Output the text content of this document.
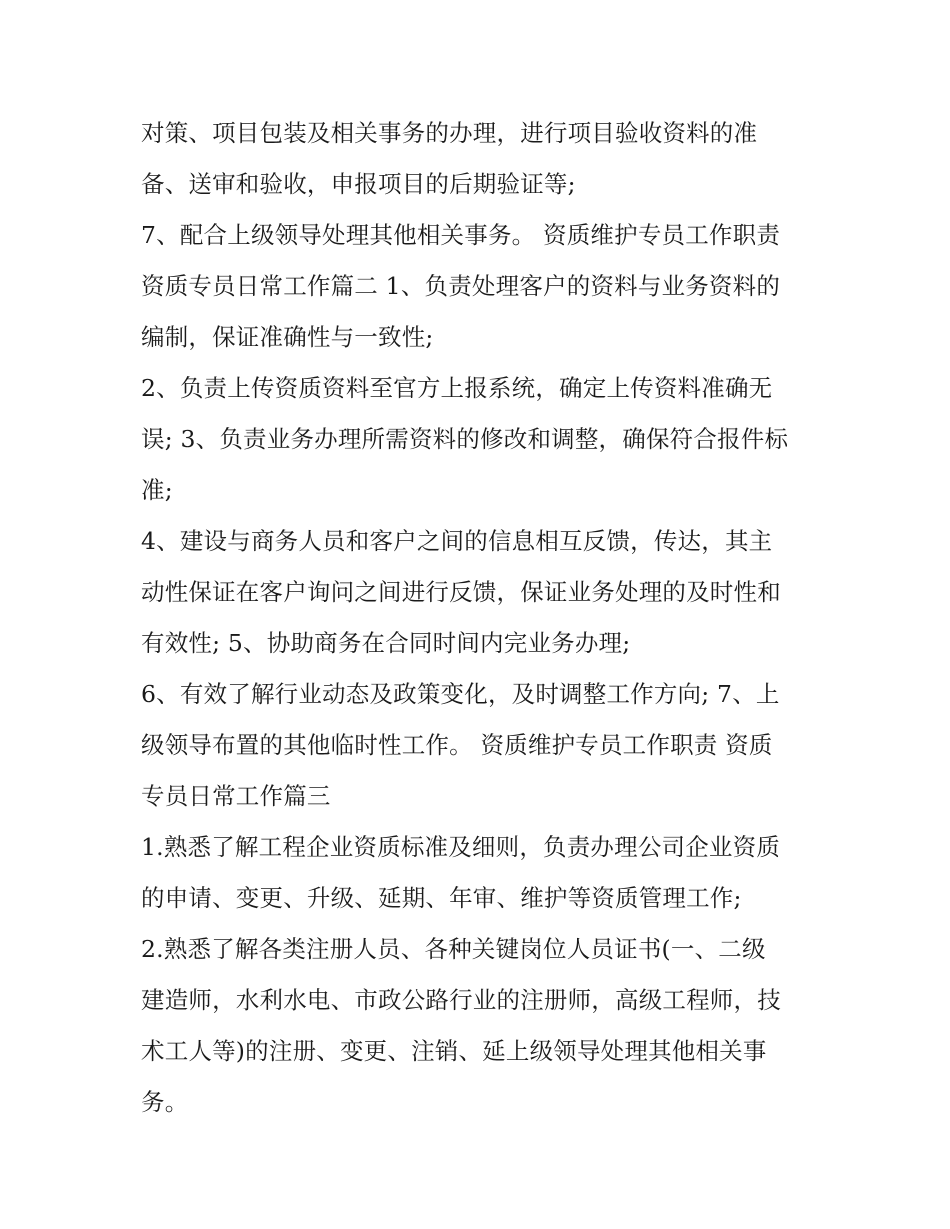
对策、项目包装及相关事务的办理，进行项目验收资料的准
备、送审和验收，申报项目的后期验证等;
7、配合上级领导处理其他相关事务。 资质维护专员工作职责
资质专员日常工作篇二 1、负责处理客户的资料与业务资料的
编制，保证准确性与一致性;
2、负责上传资质资料至官方上报系统，确定上传资料准确无
误; 3、负责业务办理所需资料的修改和调整，确保符合报件标
准;
4、建设与商务人员和客户之间的信息相互反馈，传达，其主
动性保证在客户询问之间进行反馈，保证业务处理的及时性和
有效性; 5、协助商务在合同时间内完业务办理;
6、有效了解行业动态及政策变化，及时调整工作方向; 7、上
级领导布置的其他临时性工作。 资质维护专员工作职责 资质
专员日常工作篇三
1.熟悉了解工程企业资质标准及细则，负责办理公司企业资质
的申请、变更、升级、延期、年审、维护等资质管理工作;
2.熟悉了解各类注册人员、各种关键岗位人员证书(一、二级
建造师，水利水电、市政公路行业的注册师，高级工程师，技
术工人等)的注册、变更、注销、延上级领导处理其他相关事
务。
